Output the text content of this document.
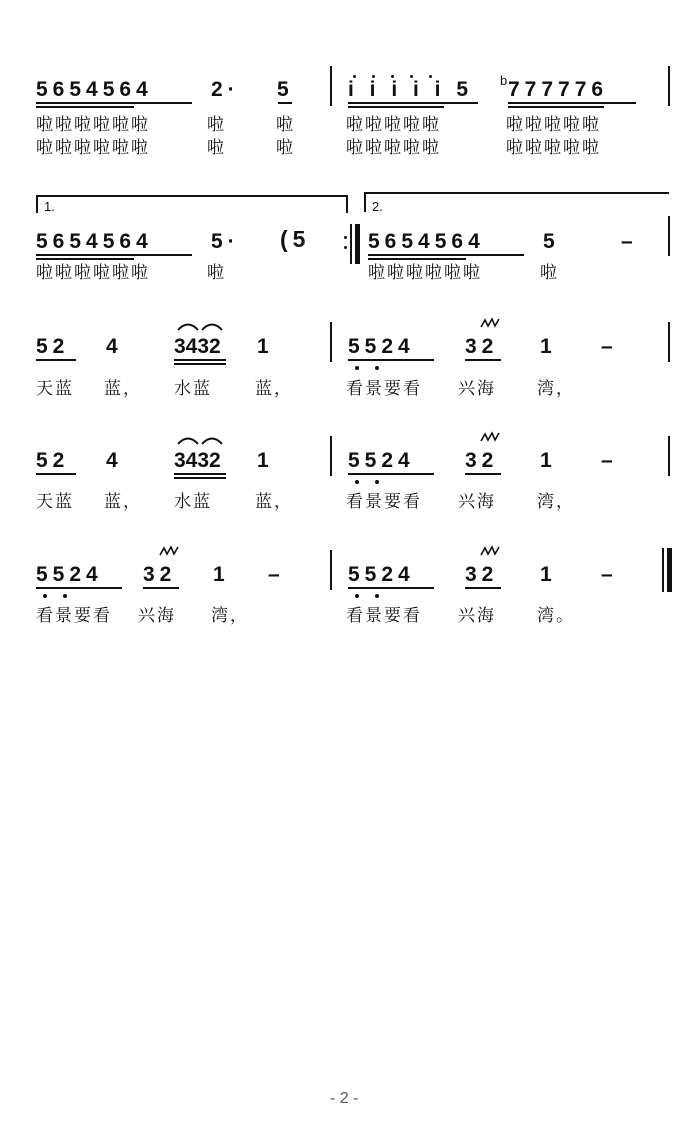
5654564	2· 5	i i i i i 5 b 777776
啦啦啦啦啦啦	啦	啦	啦啦啦啦啦	啦啦啦啦啦
啦啦啦啦啦啦	啦	啦	啦啦啦啦啦	啦啦啦啦啦
1.	2.
5654564	5· (5	5654564	5	–
啦啦啦啦啦啦	啦	啦啦啦啦啦啦	啦
52 4 3432 1	5524 32 1 –
天蓝 蓝， 水蓝	蓝，	看景要看 兴海 湾，
52 4 3432 1	5524 32 1 –
天蓝 蓝， 水蓝	蓝，	看景要看 兴海 湾，
5524 32 1 –	5524 32 1 –
看景要看 兴海 湾，	看景要看 兴海 湾。
- 2 -
